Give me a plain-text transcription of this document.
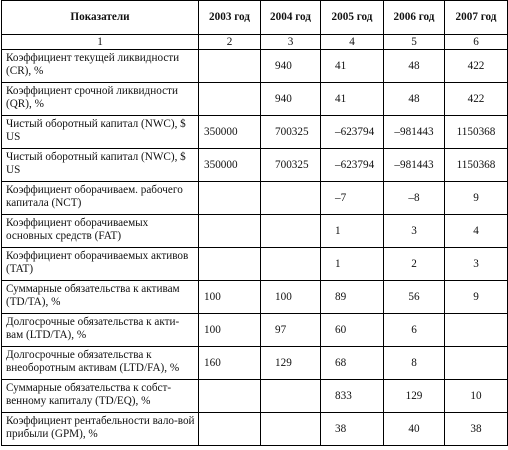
Показатели	2003 год	2004 год	2005 год	2006 год	2007 год
1	2	3	4	5	6
Коэффициент текущей ликвидности (CR), %		940	41	48	422
Коэффициент срочной ликвидности (QR), %		940	41	48	422
Чистый оборотный капитал (NWC), $ US	350000	700325	–623794	–981443	1150368
Чистый оборотный капитал (NWC), $ US	350000	700325	–623794	–981443	1150368
Коэффициент оборачиваем. рабочего капитала (NCT)			–7	–8	9
Коэффициент оборачиваемых основных средств (FAT)			1	3	4
Коэффициент оборачиваемых активов (TAT)			1	2	3
Суммарные обязательства к активам (TD/TA), %	100	100	89	56	9
Долгосрочные обязательства к акти-вам (LTD/TA), %	100	97	60	6	
Долгосрочные обязательства к внеоборотным активам (LTD/FA), %	160	129	68	8	
Суммарные обязательства к собст-венному капиталу (TD/EQ), %			833	129	10
Коэффициент рентабельности вало-вой прибыли (GPM), %			38	40	38
